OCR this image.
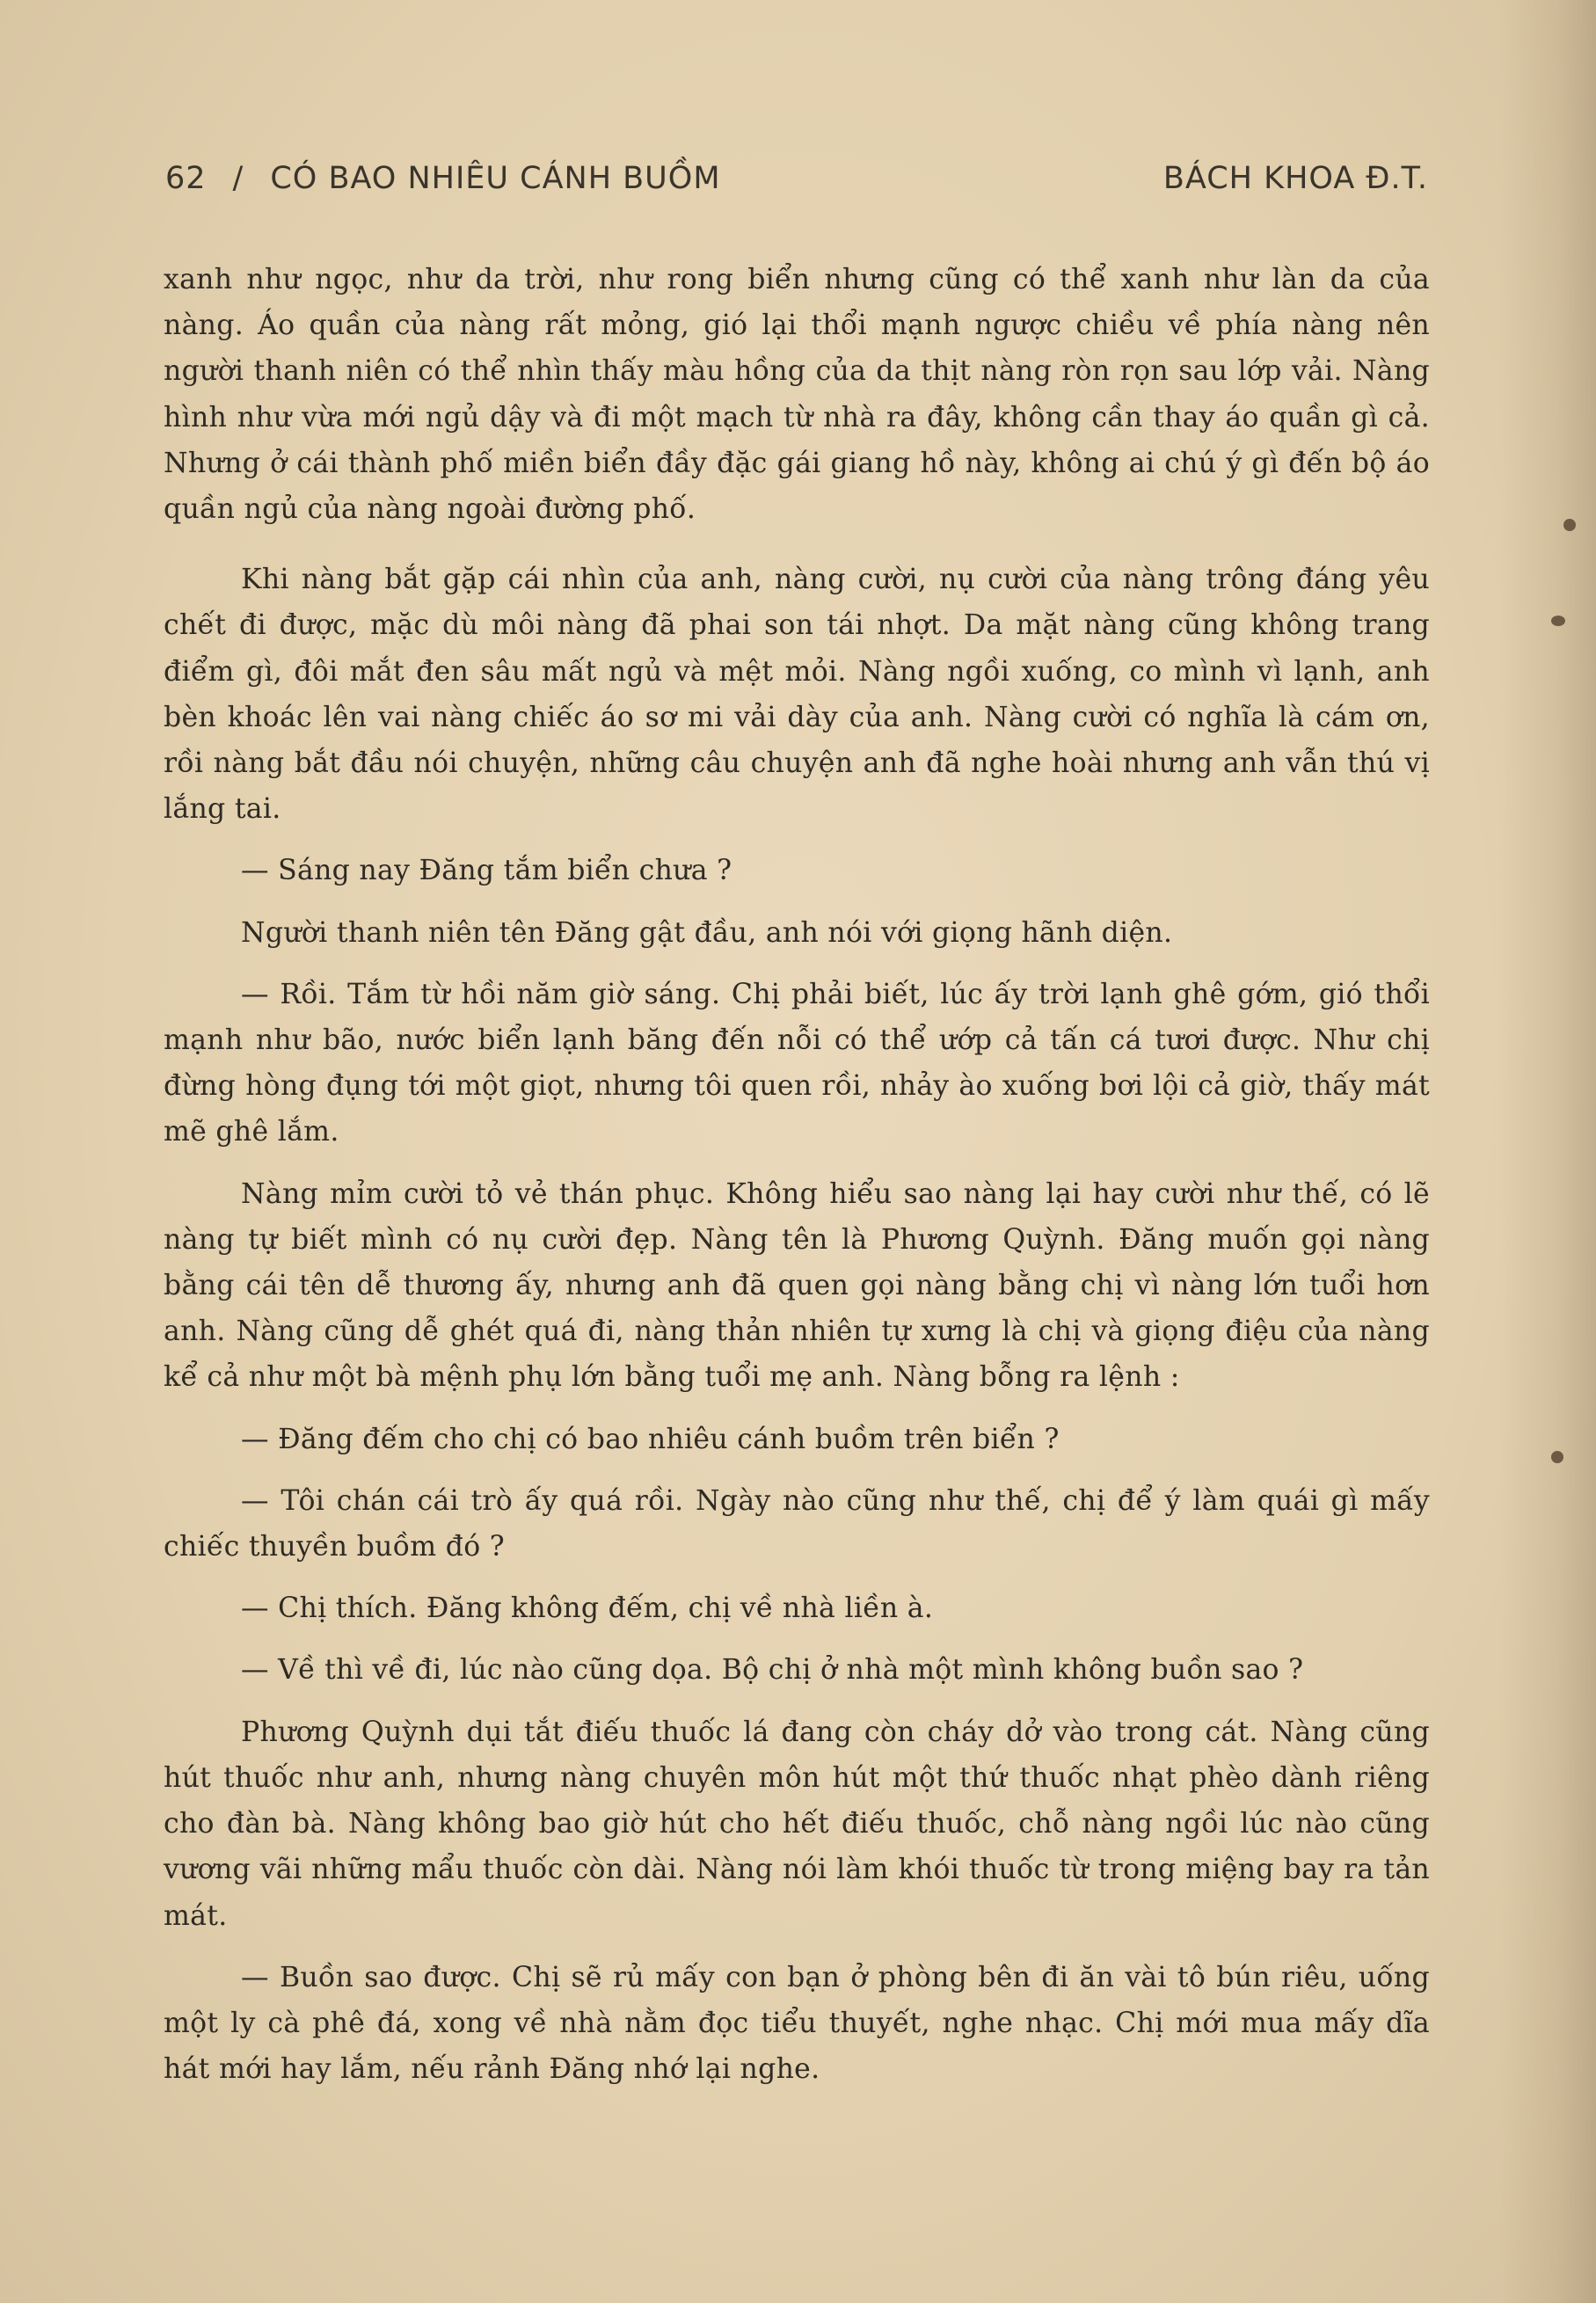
62 / CÓ BAO NHIÊU CÁNH BUỒM	BÁCH KHOA Đ.T.

xanh như ngọc, như da trời, như rong biển nhưng cũng có thể xanh như làn da của nàng. Áo quần của nàng rất mỏng, gió lại thổi mạnh ngược chiều về phía nàng nên người thanh niên có thể nhìn thấy màu hồng của da thịt nàng ròn rọn sau lớp vải. Nàng hình như vừa mới ngủ dậy và đi một mạch từ nhà ra đây, không cần thay áo quần gì cả. Nhưng ở cái thành phố miền biển đầy đặc gái giang hồ này, không ai chú ý gì đến bộ áo quần ngủ của nàng ngoài đường phố.

Khi nàng bắt gặp cái nhìn của anh, nàng cười, nụ cười của nàng trông đáng yêu chết đi được, mặc dù môi nàng đã phai son tái nhợt. Da mặt nàng cũng không trang điểm gì, đôi mắt đen sâu mất ngủ và mệt mỏi. Nàng ngồi xuống, co mình vì lạnh, anh bèn khoác lên vai nàng chiếc áo sơ mi vải dày của anh. Nàng cười có nghĩa là cám ơn, rồi nàng bắt đầu nói chuyện, những câu chuyện anh đã nghe hoài nhưng anh vẫn thú vị lắng tai.

— Sáng nay Đăng tắm biển chưa ?

Người thanh niên tên Đăng gật đầu, anh nói với giọng hãnh diện.

— Rồi. Tắm từ hồi năm giờ sáng. Chị phải biết, lúc ấy trời lạnh ghê gớm, gió thổi mạnh như bão, nước biển lạnh băng đến nỗi có thể ướp cả tấn cá tươi được. Như chị đừng hòng đụng tới một giọt, nhưng tôi quen rồi, nhảy ào xuống bơi lội cả giờ, thấy mát mẽ ghê lắm.

Nàng mỉm cười tỏ vẻ thán phục. Không hiểu sao nàng lại hay cười như thế, có lẽ nàng tự biết mình có nụ cười đẹp. Nàng tên là Phương Quỳnh. Đăng muốn gọi nàng bằng cái tên dễ thương ấy, nhưng anh đã quen gọi nàng bằng chị vì nàng lớn tuổi hơn anh. Nàng cũng dễ ghét quá đi, nàng thản nhiên tự xưng là chị và giọng điệu của nàng kể cả như một bà mệnh phụ lớn bằng tuổi mẹ anh. Nàng bỗng ra lệnh :

— Đăng đếm cho chị có bao nhiêu cánh buồm trên biển ?

— Tôi chán cái trò ấy quá rồi. Ngày nào cũng như thế, chị để ý làm quái gì mấy chiếc thuyền buồm đó ?

— Chị thích. Đăng không đếm, chị về nhà liền à.

— Về thì về đi, lúc nào cũng dọa. Bộ chị ở nhà một mình không buồn sao ?

Phương Quỳnh dụi tắt điếu thuốc lá đang còn cháy dở vào trong cát. Nàng cũng hút thuốc như anh, nhưng nàng chuyên môn hút một thứ thuốc nhạt phèo dành riêng cho đàn bà. Nàng không bao giờ hút cho hết điếu thuốc, chỗ nàng ngồi lúc nào cũng vương vãi những mẩu thuốc còn dài. Nàng nói làm khói thuốc từ trong miệng bay ra tản mát.

— Buồn sao được. Chị sẽ rủ mấy con bạn ở phòng bên đi ăn vài tô bún riêu, uống một ly cà phê đá, xong về nhà nằm đọc tiểu thuyết, nghe nhạc. Chị mới mua mấy dĩa hát mới hay lắm, nếu rảnh Đăng nhớ lại nghe.
